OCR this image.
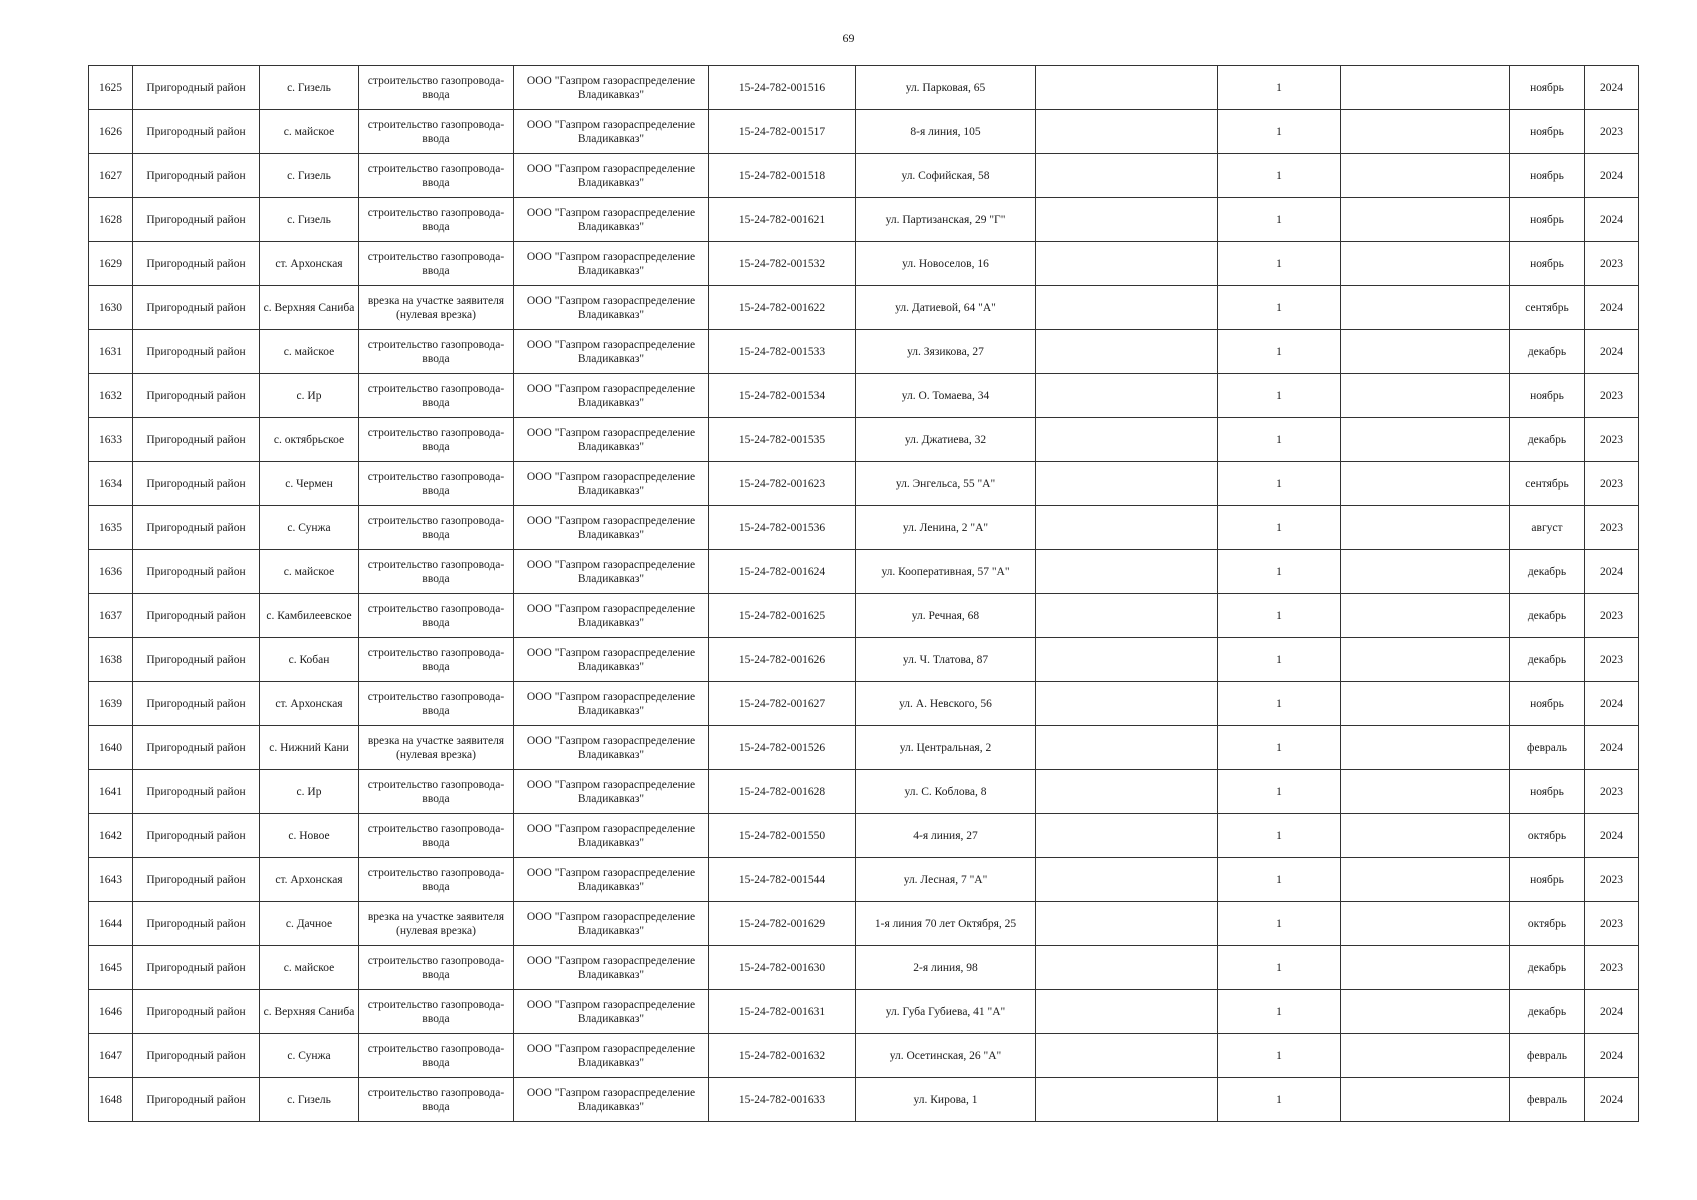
69
1625	Пригородный район	с. Гизель	строительство газопровода-ввода	ООО "Газпром газораспределение Владикавказ"	15-24-782-001516	ул. Парковая, 65		1		ноябрь	2024
1626	Пригородный район	с. майское	строительство газопровода-ввода	ООО "Газпром газораспределение Владикавказ"	15-24-782-001517	8-я линия, 105		1		ноябрь	2023
1627	Пригородный район	с. Гизель	строительство газопровода-ввода	ООО "Газпром газораспределение Владикавказ"	15-24-782-001518	ул. Софийская, 58		1		ноябрь	2024
1628	Пригородный район	с. Гизель	строительство газопровода-ввода	ООО "Газпром газораспределение Владикавказ"	15-24-782-001621	ул. Партизанская, 29 "Г"		1		ноябрь	2024
1629	Пригородный район	ст. Архонская	строительство газопровода-ввода	ООО "Газпром газораспределение Владикавказ"	15-24-782-001532	ул. Новоселов, 16		1		ноябрь	2023
1630	Пригородный район	с. Верхняя Саниба	врезка на участке заявителя (нулевая врезка)	ООО "Газпром газораспределение Владикавказ"	15-24-782-001622	ул. Датиевой, 64 "А"		1		сентябрь	2024
1631	Пригородный район	с. майское	строительство газопровода-ввода	ООО "Газпром газораспределение Владикавказ"	15-24-782-001533	ул. Зязикова, 27		1		декабрь	2024
1632	Пригородный район	с. Ир	строительство газопровода-ввода	ООО "Газпром газораспределение Владикавказ"	15-24-782-001534	ул. О. Томаева, 34		1		ноябрь	2023
1633	Пригородный район	с. октябрьское	строительство газопровода-ввода	ООО "Газпром газораспределение Владикавказ"	15-24-782-001535	ул. Джатиева, 32		1		декабрь	2023
1634	Пригородный район	с. Чермен	строительство газопровода-ввода	ООО "Газпром газораспределение Владикавказ"	15-24-782-001623	ул. Энгельса, 55 "А"		1		сентябрь	2023
1635	Пригородный район	с. Сунжа	строительство газопровода-ввода	ООО "Газпром газораспределение Владикавказ"	15-24-782-001536	ул. Ленина, 2 "А"		1		август	2023
1636	Пригородный район	с. майское	строительство газопровода-ввода	ООО "Газпром газораспределение Владикавказ"	15-24-782-001624	ул. Кооперативная, 57 "А"		1		декабрь	2024
1637	Пригородный район	с. Камбилеевское	строительство газопровода-ввода	ООО "Газпром газораспределение Владикавказ"	15-24-782-001625	ул. Речная, 68		1		декабрь	2023
1638	Пригородный район	с. Кобан	строительство газопровода-ввода	ООО "Газпром газораспределение Владикавказ"	15-24-782-001626	ул. Ч. Тлатова, 87		1		декабрь	2023
1639	Пригородный район	ст. Архонская	строительство газопровода-ввода	ООО "Газпром газораспределение Владикавказ"	15-24-782-001627	ул. А. Невского, 56		1		ноябрь	2024
1640	Пригородный район	с. Нижний Кани	врезка на участке заявителя (нулевая врезка)	ООО "Газпром газораспределение Владикавказ"	15-24-782-001526	ул. Центральная, 2		1		февраль	2024
1641	Пригородный район	с. Ир	строительство газопровода-ввода	ООО "Газпром газораспределение Владикавказ"	15-24-782-001628	ул. С. Коблова, 8		1		ноябрь	2023
1642	Пригородный район	с. Новое	строительство газопровода-ввода	ООО "Газпром газораспределение Владикавказ"	15-24-782-001550	4-я линия, 27		1		октябрь	2024
1643	Пригородный район	ст. Архонская	строительство газопровода-ввода	ООО "Газпром газораспределение Владикавказ"	15-24-782-001544	ул. Лесная, 7 "А"		1		ноябрь	2023
1644	Пригородный район	с. Дачное	врезка на участке заявителя (нулевая врезка)	ООО "Газпром газораспределение Владикавказ"	15-24-782-001629	1-я линия 70 лет Октября, 25		1		октябрь	2023
1645	Пригородный район	с. майское	строительство газопровода-ввода	ООО "Газпром газораспределение Владикавказ"	15-24-782-001630	2-я линия, 98		1		декабрь	2023
1646	Пригородный район	с. Верхняя Саниба	строительство газопровода-ввода	ООО "Газпром газораспределение Владикавказ"	15-24-782-001631	ул. Губа Губиева, 41 "А"		1		декабрь	2024
1647	Пригородный район	с. Сунжа	строительство газопровода-ввода	ООО "Газпром газораспределение Владикавказ"	15-24-782-001632	ул. Осетинская, 26 "А"		1		февраль	2024
1648	Пригородный район	с. Гизель	строительство газопровода-ввода	ООО "Газпром газораспределение Владикавказ"	15-24-782-001633	ул. Кирова, 1		1		февраль	2024
